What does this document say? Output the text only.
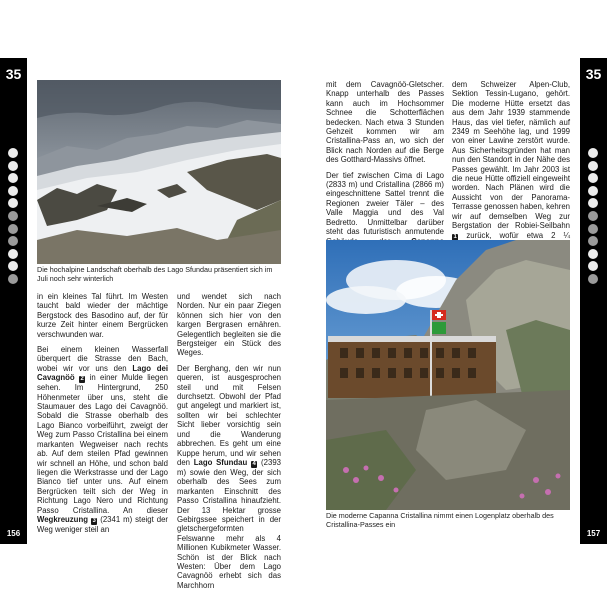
35
156
35
157
Die hochalpine Landschaft oberhalb des Lago Sfundau präsentiert sich im Juli noch sehr winterlich

in ein kleines Tal führt. Im Westen taucht bald wieder der mächtige Bergstock des Basodino auf, der für kurze Zeit hinter einem Bergrücken verschwunden war.

Bei einem kleinen Wasserfall überquert die Strasse den Bach, wobei wir vor uns den Lago dei Cavagnöö 2 in einer Mulde liegen sehen. Im Hintergrund, 250 Höhenmeter über uns, steht die Staumauer des Lago dei Cavagnöö. Sobald die Strasse oberhalb des Lago Bianco vorbeiführt, zweigt der Weg zum Passo Cristallina bei einem markanten Wegweiser nach rechts ab. Auf dem steilen Pfad gewinnen wir schnell an Höhe, und schon bald liegen die Werkstrasse und der Lago Bianco tief unter uns. Auf einem Bergrücken teilt sich der Weg in Richtung Lago Nero und Richtung Passo Cristallina. An dieser Wegkreuzung 3 (2341 m) steigt der Weg weniger steil an

und wendet sich nach Norden. Nur ein paar Ziegen können sich hier von den kargen Bergrasen ernähren. Gelegentlich begleiten sie die Bergsteiger ein Stück des Weges.

Der Berghang, den wir nun queren, ist ausgesprochen steil und mit Felsen durchsetzt. Obwohl der Pfad gut angelegt und markiert ist, sollten wir bei schlechter Sicht lieber vorsichtig sein und die Wanderung abbrechen. Es geht um eine Kuppe herum, und wir sehen den Lago Sfundau 4 (2393 m) sowie den Weg, der sich oberhalb des Sees zum markanten Einschnitt des Passo Cristallina hinaufzieht. Der 13 Hektar grosse Gebirgssee speichert in der gletschergeformten Felswanne mehr als 4 Millionen Kubikmeter Wasser. Schön ist der Blick nach Westen: Über dem Lago Cavagnöö erhebt sich das Marchhorn

mit dem Cavagnöö-Gletscher. Knapp unterhalb des Passes kann auch im Hochsommer Schnee die Schotterflächen bedecken. Nach etwa 3 Stunden Gehzeit kommen wir am Cristallina-Pass an, wo sich der Blick nach Norden auf die Berge des Gotthard-Massivs öffnet.

Der tief zwischen Cima di Lago (2833 m) und Cristallina (2866 m) eingeschnittene Sattel trennt die Regionen zweier Täler – des Valle Maggia und des Val Bedretto. Unmittelbar darüber steht das futuristisch anmutende

dem Schweizer Alpen-Club, Sektion Tessin-Lugano, gehört. Die moderne Hütte ersetzt das aus dem Jahr 1939 stammende Haus, das viel tiefer, nämlich auf 2349 m Seehöhe lag, und 1999 von einer Lawine zerstört wurde. Aus Sicherheitsgründen hat man nun den Standort in der Nähe des Passes gewählt. Im Jahr 2003 ist die neue Hütte offiziell eingeweiht worden. Nach Plänen wird die Aussicht von der Panorama-Terrasse genossen haben, kehren wir auf demselben Weg zur Bergstation der Robiei-Seilbahn 1 zurück, wofür etwa 2 ¼

Die moderne Capanna Cristallina nimmt einen Logenplatz oberhalb des Cristallina-Passes ein
